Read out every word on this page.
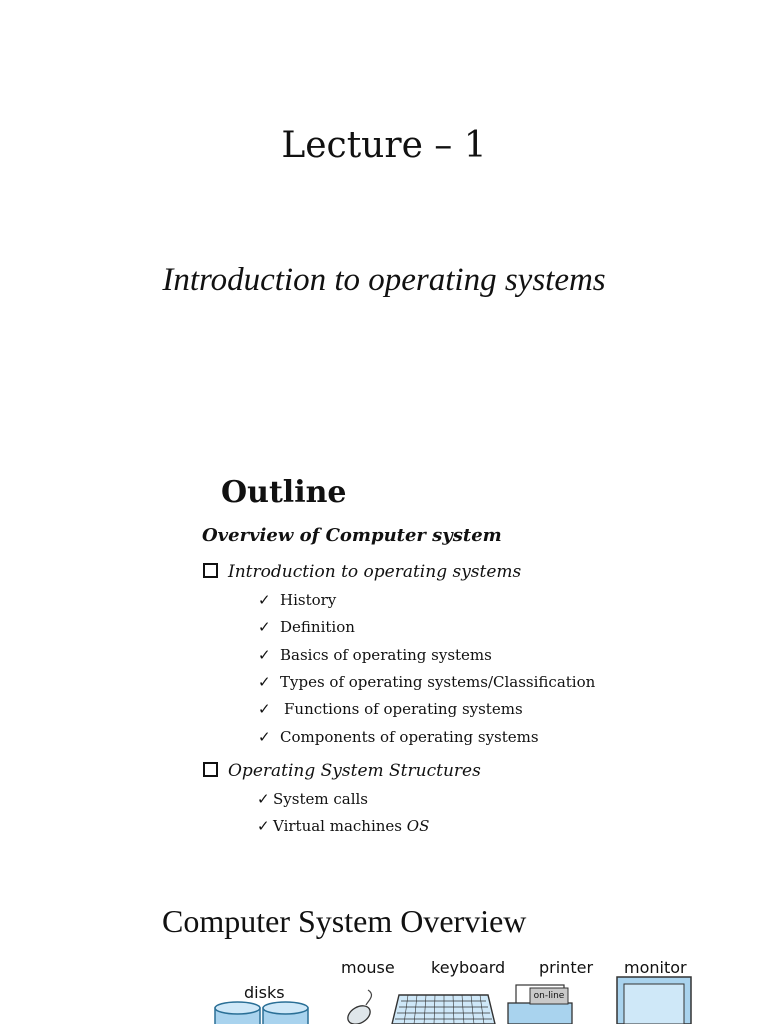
Lecture – 1
Introduction to operating systems
Outline
Overview of Computer system
Introduction to operating systems
✓ History
✓ Definition
✓ Basics of operating systems
✓ Types of operating systems/Classification
✓ Functions of operating systems
✓ Components of operating systems
Operating System Structures
✓ System calls
✓ Virtual machines OS
Computer System Overview
disks
mouse keyboard printer monitor
on-line
